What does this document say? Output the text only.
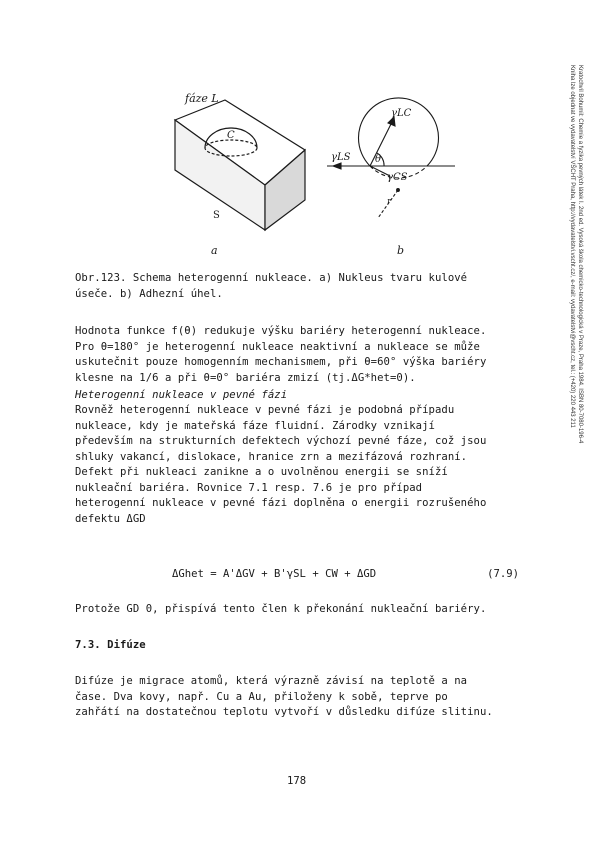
fáze L
C
S
a
γLC
γLS
γCS
θ
r
b

Obr.123. Schema heterogenní nukleace. a) Nukleus tvaru kulové

úseče. b) Adhezní úhel.

Hodnota funkce f(θ) redukuje výšku bariéry heterogenní nukleace.

Pro θ=180° je heterogenní nukleace neaktivní a nukleace se může

uskutečnit pouze homogenním mechanismem, při θ=60° výška bariéry

klesne na 1/6 a při θ=0° bariéra zmizí (tj.ΔG*het=0).

Heterogenní nukleace v pevné fázi

Rovněž heterogenní nukleace v pevné fázi je podobná případu

nukleace, kdy je mateřská fáze fluidní. Zárodky vznikají

především na strukturních defektech výchozí pevné fáze, což jsou

shluky vakancí, dislokace, hranice zrn a mezifázová rozhraní.

Defekt při nukleaci zanikne a o uvolněnou energii se sníží

nukleační bariéra. Rovnice 7.1 resp. 7.6 je pro případ

heterogenní nukleace v pevné fázi doplněna o energii rozrušeného

defektu ΔGD

ΔGhet = A'ΔGV + B'γSL + CW + ΔGD	(7.9)

Protože GD 0, přispívá tento člen k překonání nukleační bariéry.

7.3. Difúze

Difúze je migrace atomů, která výrazně závisí na teplotě a na

čase. Dva kovy, např. Cu a Au, přiloženy k sobě, teprve po

zahřátí na dostatečnou teplotu vytvoří v důsledku difúze slitinu.

178
Kratochvíl Bohumil: Chemie a fyzika pevných látek I. 2nd ed. Vysoká škola chemicko-technologická v Praze, Praha 1984. ISBN 80-7080-196-4
Kniha lze objednat ve vydavatelství VŠCHT Praha, http://vydavatelstvi.vscht.cz/, e-mail: vydavatelstvi@vscht.cz, tel.: (+420) 220 443 211
